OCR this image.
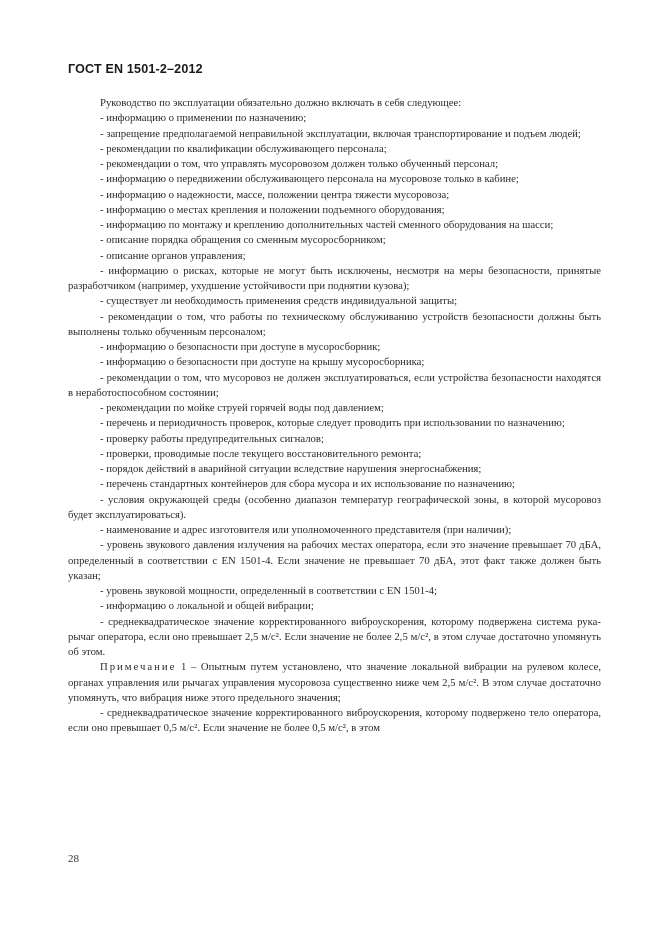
ГОСТ EN 1501-2–2012

Руководство по эксплуатации обязательно должно включать в себя следующее:

- информацию о применении по назначению;

- запрещение предполагаемой неправильной эксплуатации, включая транспортирование и подъем людей;

- рекомендации по квалификации обслуживающего персонала;

- рекомендации о том, что управлять мусоровозом должен только обученный персонал;

- информацию о передвижении обслуживающего персонала на мусоровозе только в кабине;

- информацию о надежности, массе, положении центра тяжести мусоровоза;

- информацию о местах крепления и положении подъемного оборудования;

- информацию по монтажу и креплению дополнительных частей сменного оборудования на шасси;

- описание порядка обращения со сменным мусоросборником;

- описание органов управления;

- информацию о рисках, которые не могут быть исключены, несмотря на меры безопасности, принятые разработчиком (например, ухудшение устойчивости при поднятии кузова);

- существует ли необходимость применения средств индивидуальной защиты;

- рекомендации о том, что работы по техническому обслуживанию устройств безопасности должны быть выполнены только обученным персоналом;

- информацию о безопасности при доступе в мусоросборник;

- информацию о безопасности при доступе на крышу мусоросборника;

- рекомендации о том, что мусоровоз не должен эксплуатироваться, если устройства безопасности находятся в неработоспособном состоянии;

- рекомендации по мойке струей горячей воды под давлением;

- перечень и периодичность проверок, которые следует проводить при использовании по назначению;

- проверку работы предупредительных сигналов;

- проверки, проводимые после текущего восстановительного ремонта;

- порядок действий в аварийной ситуации вследствие нарушения энергоснабжения;

- перечень стандартных контейнеров для сбора мусора и их использование по назначению;

- условия окружающей среды (особенно диапазон температур географической зоны, в которой мусоровоз будет эксплуатироваться).

- наименование и адрес изготовителя или уполномоченного представителя (при наличии);

- уровень звукового давления излучения на рабочих местах оператора, если это значение превышает 70 дБА, определенный в соответствии с EN 1501-4. Если значение не превышает 70 дБА, этот факт также должен быть указан;

- уровень звуковой мощности, определенный в соответствии с EN 1501-4;

- информацию о локальной и общей вибрации;

- среднеквадратическое значение корректированного виброускорения, которому подвержена система рука-рычаг оператора, если оно превышает 2,5 м/с². Если значение не более 2,5 м/с², в этом случае достаточно упомянуть об этом.

Примечание 1 – Опытным путем установлено, что значение локальной вибрации на рулевом колесе, органах управления или рычагах управления мусоровоза существенно ниже чем 2,5 м/с². В этом случае достаточно упомянуть, что вибрация ниже этого предельного значения;

- среднеквадратическое значение корректированного виброускорения, которому подвержено тело оператора, если оно превышает 0,5 м/с². Если значение не более 0,5 м/с², в этом

28
